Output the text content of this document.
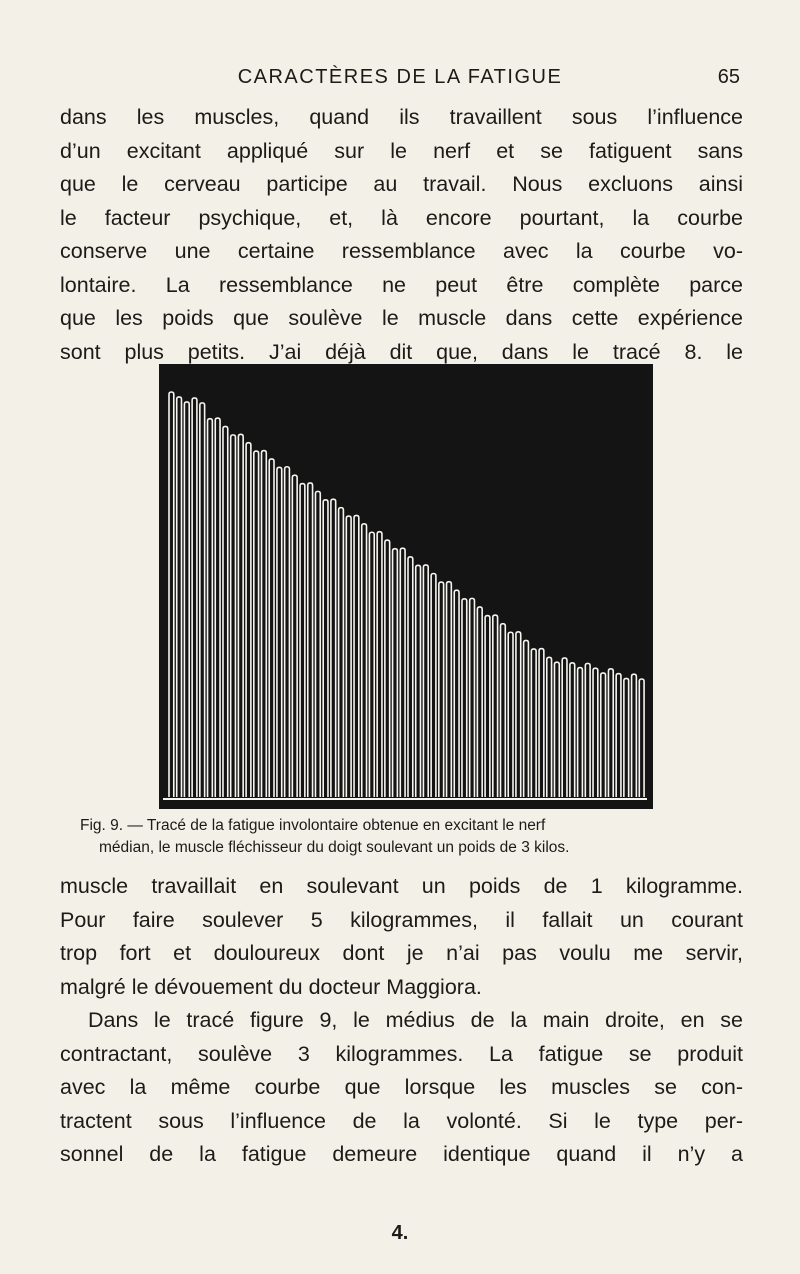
CARACTÈRES DE LA FATIGUE	65
dans les muscles, quand ils travaillent sous l’influence
d’un excitant appliqué sur le nerf et se fatiguent sans
que le cerveau participe au travail. Nous excluons ainsi
le facteur psychique, et, là encore pourtant, la courbe
conserve une certaine ressemblance avec la courbe vo-
lontaire. La ressemblance ne peut être complète parce
que les poids que soulève le muscle dans cette expérience
sont plus petits. J’ai déjà dit que, dans le tracé 8. le
Fig. 9. — Tracé de la fatigue involontaire obtenue en excitant le nerf
médian, le muscle fléchisseur du doigt soulevant un poids de 3 kilos.
muscle travaillait en soulevant un poids de 1 kilogramme.
Pour faire soulever 5 kilogrammes, il fallait un courant
trop fort et douloureux dont je n’ai pas voulu me servir,
malgré le dévouement du docteur Maggiora.
Dans le tracé figure 9, le médius de la main droite, en se
contractant, soulève 3 kilogrammes. La fatigue se produit
avec la même courbe que lorsque les muscles se con-
tractent sous l’influence de la volonté. Si le type per-
sonnel de la fatigue demeure identique quand il n’y a
4.
